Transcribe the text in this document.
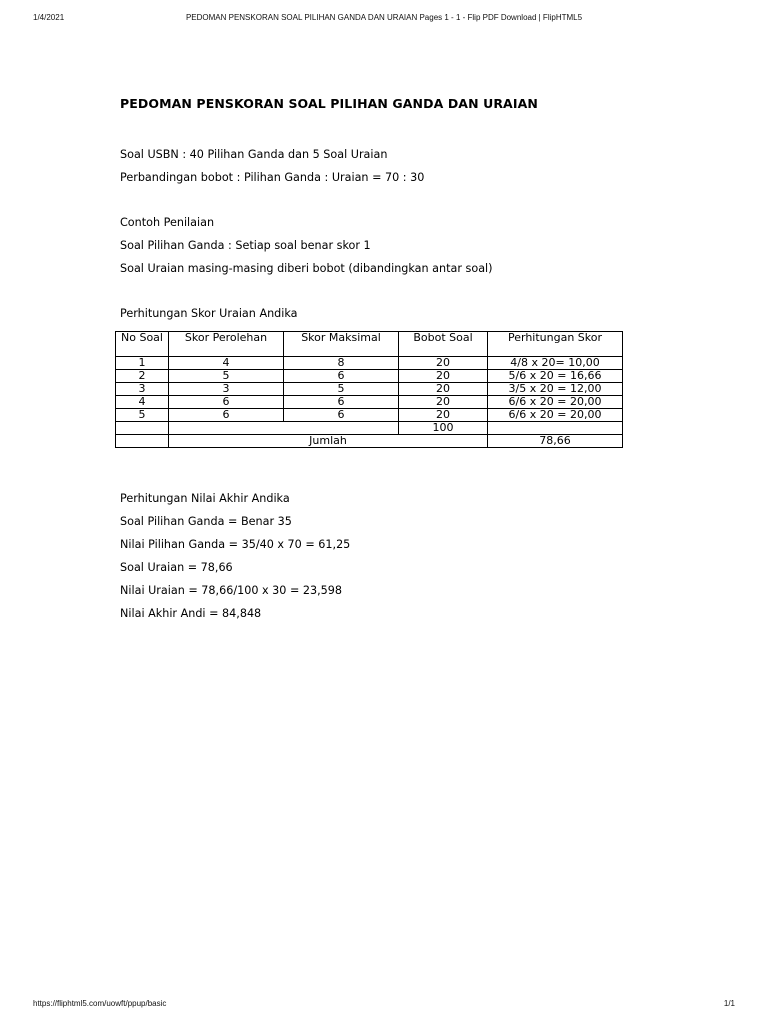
1/4/2021	PEDOMAN PENSKORAN SOAL PILIHAN GANDA DAN URAIAN Pages 1 - 1 - Flip PDF Download | FlipHTML5
PEDOMAN PENSKORAN SOAL PILIHAN GANDA DAN URAIAN
Soal USBN : 40 Pilihan Ganda dan 5 Soal Uraian
Perbandingan bobot : Pilihan Ganda : Uraian = 70 : 30
Contoh Penilaian
Soal Pilihan Ganda : Setiap soal benar skor 1
Soal Uraian masing-masing diberi bobot (dibandingkan antar soal)
Perhitungan Skor Uraian Andika
No Soal	Skor Perolehan	Skor Maksimal	Bobot Soal	Perhitungan Skor
1	4	8	20	4/8 x 20= 10,00
2	5	6	20	5/6 x 20 = 16,66
3	3	5	20	3/5 x 20 = 12,00
4	6	6	20	6/6 x 20 = 20,00
5	6	6	20	6/6 x 20 = 20,00
			100	
	Jumlah			78,66
Perhitungan Nilai Akhir Andika
Soal Pilihan Ganda = Benar 35
Nilai Pilihan Ganda = 35/40 x 70 = 61,25
Soal Uraian = 78,66
Nilai Uraian = 78,66/100 x 30 = 23,598
Nilai Akhir Andi = 84,848
https://fliphtml5.com/uowft/ppup/basic	1/1
